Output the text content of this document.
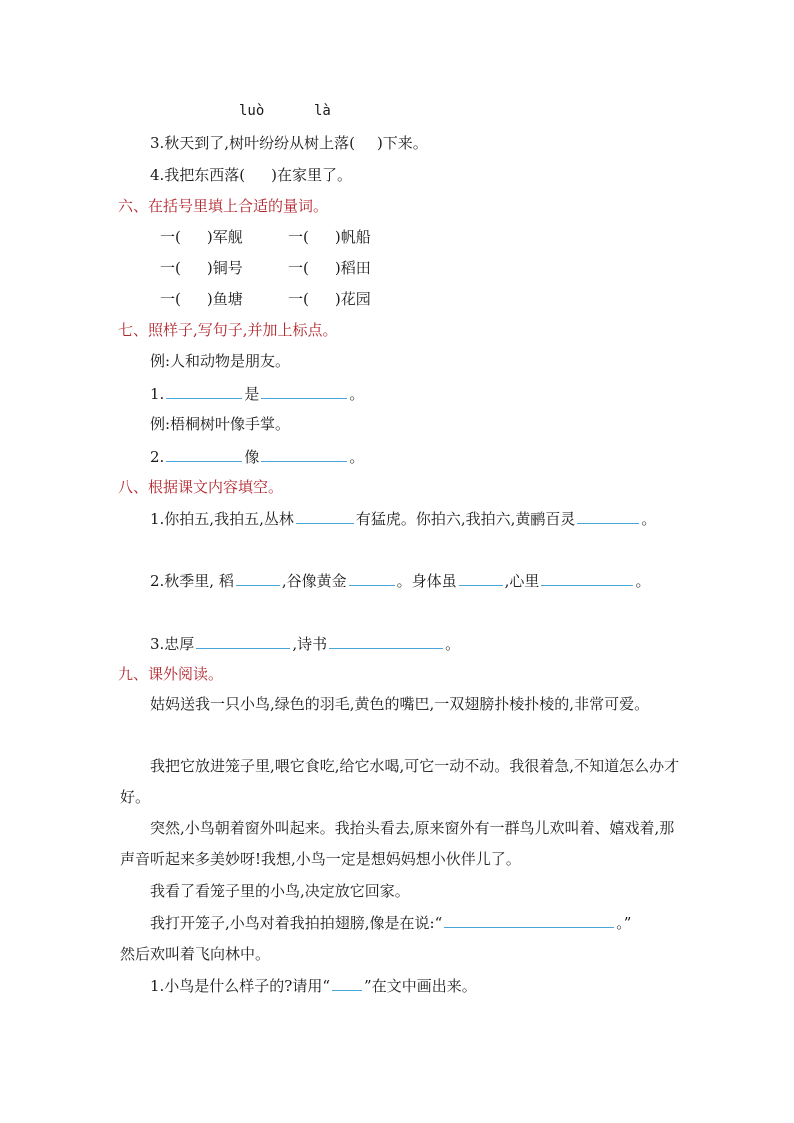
luò	là
3.秋天到了,树叶纷纷从树上落( )下来。
4.我把东西落( )在家里了。
六、在括号里填上合适的量词。
一( )军舰	一( )帆船
一( )铜号	一( )稻田
一( )鱼塘	一( )花园
七、照样子,写句子,并加上标点。
例:人和动物是朋友。
1.	是	。
例:梧桐树叶像手掌。
2.	像	。
八、根据课文内容填空。
1.你拍五,我拍五,丛林	有猛虎。你拍六,我拍六,黄鹂百灵	。
2.秋季里, 稻	,谷像黄金	。身体虽	,心里	。
3.忠厚	,诗书	。
九、课外阅读。
姑妈送我一只小鸟,绿色的羽毛,黄色的嘴巴,一双翅膀扑棱扑棱的,非常可爱。
我把它放进笼子里,喂它食吃,给它水喝,可它一动不动。我很着急,不知道怎么办才好。
突然,小鸟朝着窗外叫起来。我抬头看去,原来窗外有一群鸟儿欢叫着、嬉戏着,那声音听起来多美妙呀!我想,小鸟一定是想妈妈想小伙伴儿了。
我看了看笼子里的小鸟,决定放它回家。
我打开笼子,小鸟对着我拍拍翅膀,像是在说:“	。”
然后欢叫着飞向林中。
1.小鸟是什么样子的?请用“ ”在文中画出来。
